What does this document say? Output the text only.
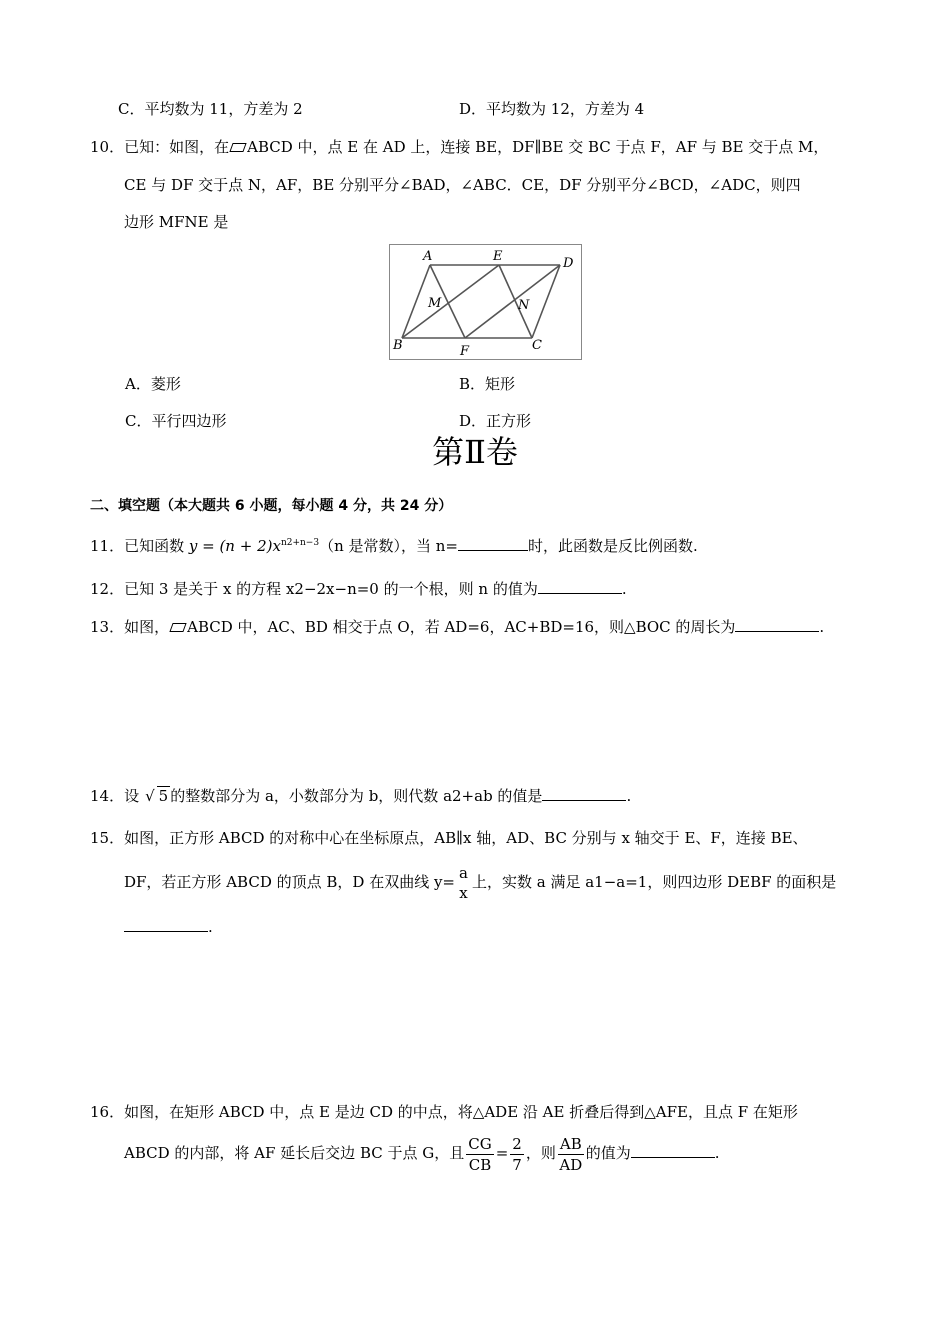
C．平均数为 11，方差为 2	D．平均数为 12，方差为 4
10．已知：如图，在 ABCD 中，点 E 在 AD 上，连接 BE，DF∥BE 交 BC 于点 F，AF 与 BE 交于点 M，
CE 与 DF 交于点 N，AF，BE 分别平分∠BAD，∠ABC．CE，DF 分别平分∠BCD，∠ADC，则四
边形 MFNE 是
A	E	D
M	N
B	F	C
A．菱形	B．矩形
C．平行四边形	D．正方形
第Ⅱ卷
二、填空题（本大题共 6 小题，每小题 4 分，共 24 分）
11．已知函数 $y = (n + 2)x^{n2+n-3}(n$ 是常数），当 n=	时，此函数是反比例函数.
12．已知 3 是关于 x 的方程 x2−2x−n=0 的一个根，则 n 的值为	.
13．如图， ABCD 中，AC、BD 相交于点 O，若 AD=6，AC+BD=16，则△BOC 的周长为	.
14．设 √ 5 的整数部分为 a，小数部分为 b，则代数 a2+ab 的值是	.
15．如图，正方形 ABCD 的对称中心在坐标原点，AB∥x 轴，AD、BC 分别与 x 轴交于 E、F，连接 BE、
DF，若正方形 ABCD 的顶点 B，D 在双曲线 y= a
x
上，实数 a 满足 a1−a=1，则四边形 DEBF 的面积是
.
16．如图，在矩形 ABCD 中，点 E 是边 CD 的中点，将△ADE 沿 AE 折叠后得到△AFE，且点 F 在矩形
ABCD 的内部，将 AF 延长后交边 BC 于点 G，且 $\frac{CG}{CB} = \frac{2}{7}$ ，则 $\frac{AB}{AD}$ 的值为	.
